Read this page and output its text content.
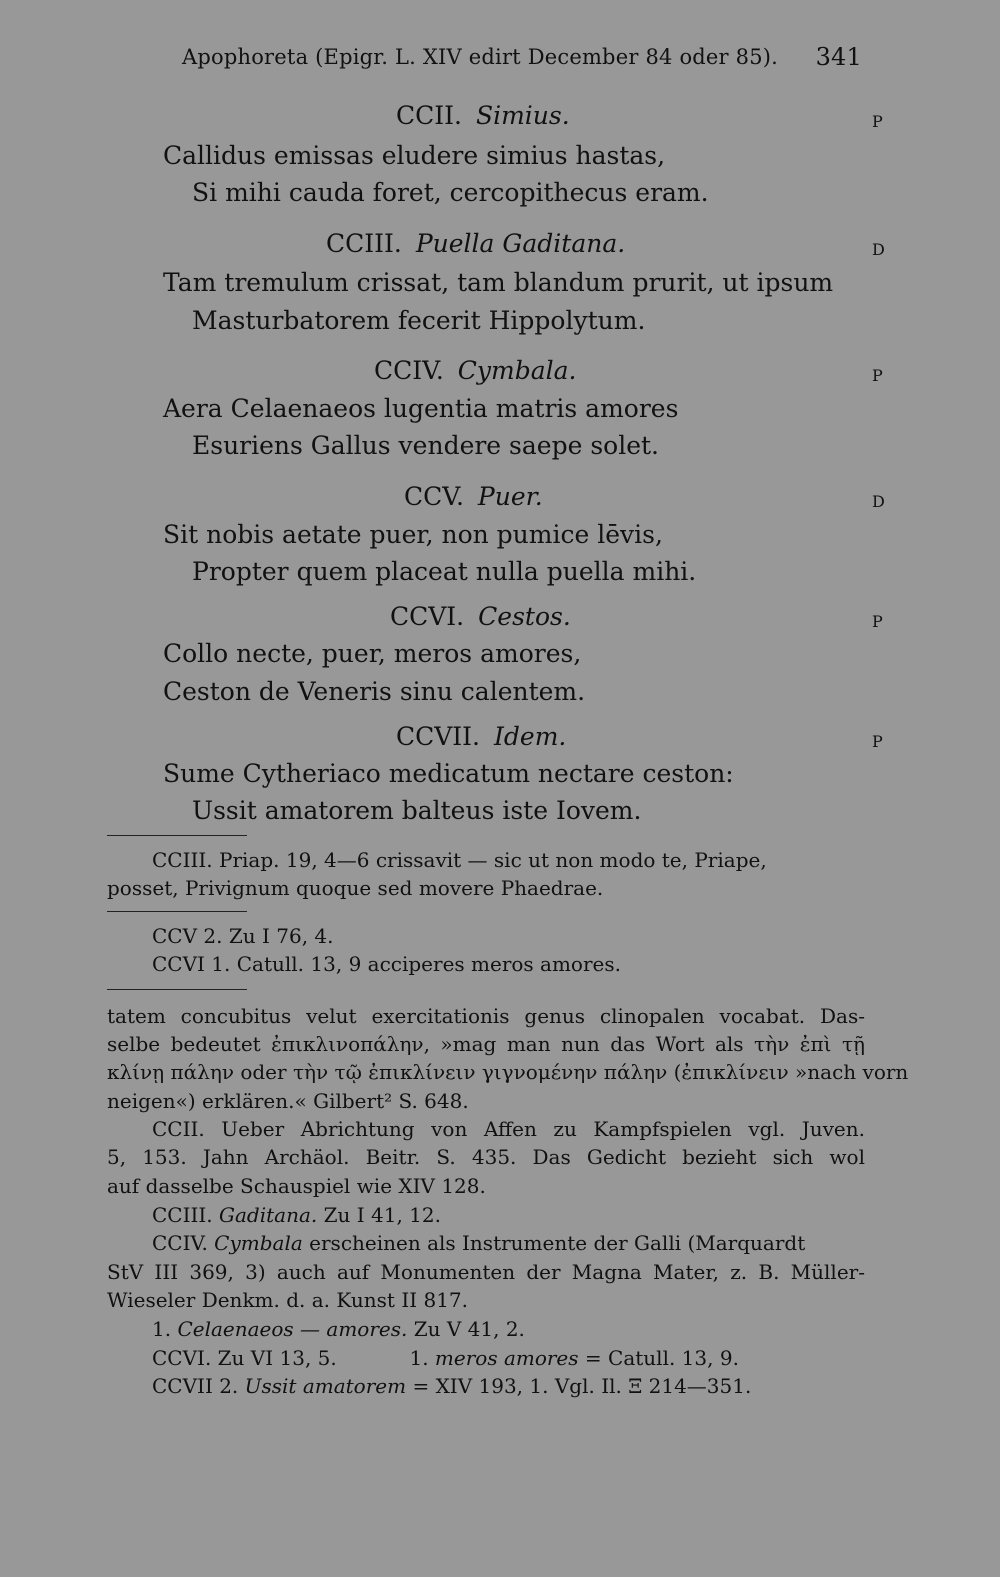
Apophoreta (Epigr. L. XIV edirt December 84 oder 85). 341
CCII. Simius.	P
Callidus emissas eludere simius hastas,
Si mihi cauda foret, cercopithecus eram.
CCIII. Puella Gaditana.	D
Tam tremulum crissat, tam blandum prurit, ut ipsum
Masturbatorem fecerit Hippolytum.
CCIV. Cymbala.	P
Aera Celaenaeos lugentia matris amores
Esuriens Gallus vendere saepe solet.
CCV. Puer.	D
Sit nobis aetate puer, non pumice lēvis,
Propter quem placeat nulla puella mihi.
CCVI. Cestos.	P
Collo necte, puer, meros amores,
Ceston de Veneris sinu calentem.
CCVII. Idem.	P
Sume Cytheriaco medicatum nectare ceston:
Ussit amatorem balteus iste Iovem.
CCIII. Priap. 19, 4—6 crissavit — sic ut non modo te, Priape,
posset, Privignum quoque sed movere Phaedrae.
CCV 2. Zu I 76, 4.
CCVI 1. Catull. 13, 9 acciperes meros amores.
tatem concubitus velut exercitationis genus clinopalen vocabat. Das-
selbe bedeutet ἐπικλινοπάλην, »mag man nun das Wort als τὴν ἐπὶ τῇ
κλίνῃ πάλην oder τὴν τῷ ἐπικλίνειν γιγνομένην πάλην (ἐπικλίνειν »nach vorn
neigen«) erklären.« Gilbert² S. 648.
CCII. Ueber Abrichtung von Affen zu Kampfspielen vgl. Juven.
5, 153. Jahn Archäol. Beitr. S. 435. Das Gedicht bezieht sich wol
auf dasselbe Schauspiel wie XIV 128.
CCIII. Gaditana. Zu I 41, 12.
CCIV. Cymbala erscheinen als Instrumente der Galli (Marquardt
StV III 369, 3) auch auf Monumenten der Magna Mater, z. B. Müller-
Wieseler Denkm. d. a. Kunst II 817.
1. Celaenaeos — amores. Zu V 41, 2.
CCVI. Zu VI 13, 5.	1. meros amores = Catull. 13, 9.
CCVII 2. Ussit amatorem = XIV 193, 1. Vgl. Il. Ξ 214—351.
